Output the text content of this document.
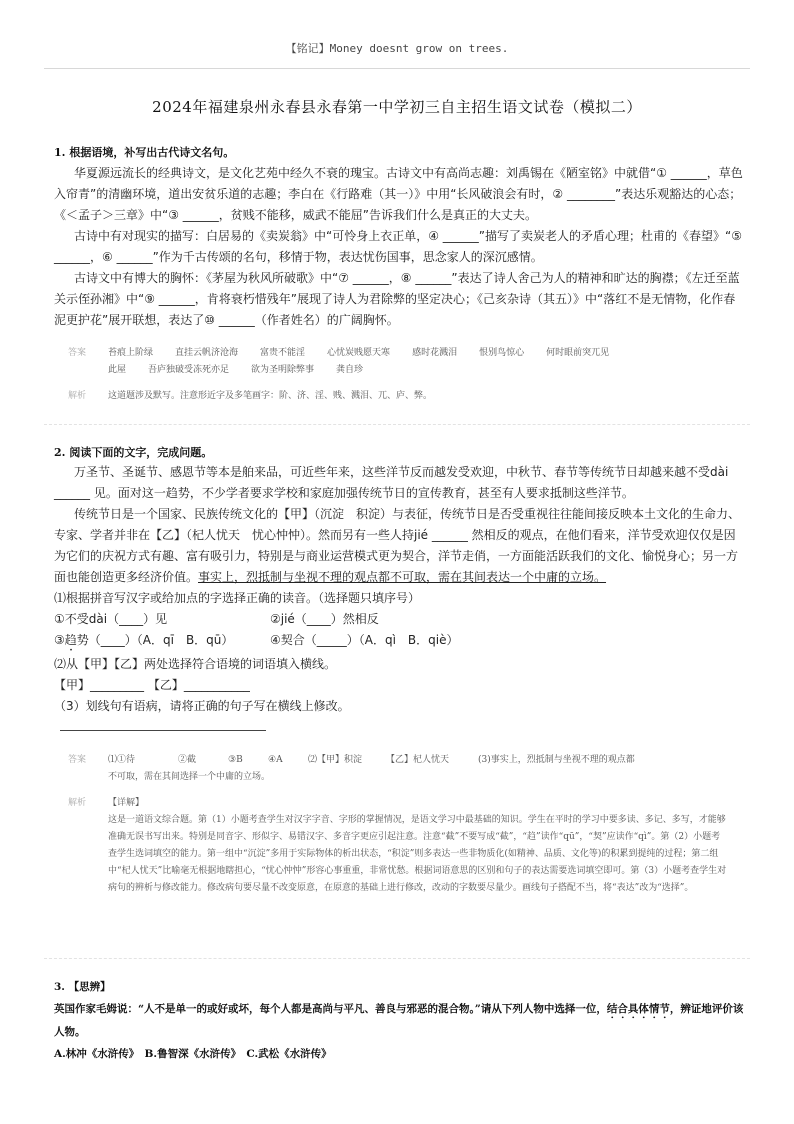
【铭记】Money doesnt grow on trees.
2024年福建泉州永春县永春第一中学初三自主招生语文试卷（模拟二）
1. 根据语境，补写出古代诗文名句。

华夏源远流长的经典诗文，是文化艺苑中经久不衰的瑰宝。古诗文中有高尚志趣：刘禹锡在《陋室铭》中就借“① ______，草色入帘青”的清幽环境，道出安贫乐道的志趣；李白在《行路难（其一）》中用“长风破浪会有时，② ________”表达乐观豁达的心态；《＜孟子＞三章》中“③ ______，贫贱不能移，威武不能屈”告诉我们什么是真正的大丈夫。

古诗中有对现实的描写：白居易的《卖炭翁》中“可怜身上衣正单，④ ______”描写了卖炭老人的矛盾心理；杜甫的《春望》“⑤ ______，⑥ ______”作为千古传颂的名句，移情于物，表达忧伤国事，思念家人的深沉感情。

古诗文中有博大的胸怀：《茅屋为秋风所破歌》中“⑦ ______，⑧ ______”表达了诗人舍己为人的精神和旷达的胸襟；《左迁至蓝关示侄孙湘》中“⑨ ______，肯将衰朽惜残年”展现了诗人为君除弊的坚定决心；《己亥杂诗（其五）》中“落红不是无情物，化作春泥更护花”展开联想，表达了⑩ ______（作者姓名）的广阔胸怀。

答案 苔痕上阶绿 直挂云帆济沧海 富贵不能淫 心忧炭贱愿天寒 感时花溅泪 恨别鸟惊心 何时眼前突兀见
此屋 吾庐独破受冻死亦足 欲为圣明除弊事 龚自珍
解析 这道题涉及默写。注意形近字及多笔画字：阶、济、淫、贱、溅泪、兀、庐、弊。
2. 阅读下面的文字，完成问题。

万圣节、圣诞节、感恩节等本是舶来品，可近些年来，这些洋节反而越发受欢迎，中秋节、春节等传统节日却越来越不受dài ______ 见。面对这一趋势，不少学者要求学校和家庭加强传统节日的宣传教育，甚至有人要求抵制这些洋节。

传统节日是一个国家、民族传统文化的【甲】（沉淀　积淀）与表征，传统节日是否受重视往往能间接反映本土文化的生命力、专家、学者并非在【乙】（杞人忧天　忧心忡忡）。然而另有一些人持jié ______ 然相反的观点，在他们看来，洋节受欢迎仅仅是因为它们的庆祝方式有趣、富有吸引力，特别是与商业运营模式更为契合，洋节走俏，一方面能活跃我们的文化、愉悦身心；另一方面也能创造更多经济价值。事实上，烈抵制与坐视不理的观点都不可取，需在其间表达一个中庸的立场。

⑴根据拼音写汉字或给加点的字选择正确的读音。（选择题只填序号）

①不受dài（____）见	②jié（____）然相反

③趋势（____）（A．qī　B．qū）	④契合（_____）（A．qì　B．qiè）

⑵从【甲】【乙】两处选择符合语境的词语填入横线。

【甲】_________ 【乙】___________

（3）划线句有语病，请将正确的句子写在横线上修改。

答案 ⑴①待	②截	③B	④A	⑵【甲】积淀	【乙】杞人忧天	(3)事实上，烈抵制与坐视不理的观点都
不可取，需在其间选择一个中庸的立场。
解析 【详解】
这是一道语文综合题。第（1）小题考查学生对汉字字音、字形的掌握情况，是语文学习中最基础的知识。学生在平时的学习中要多读、多记、多写，才能够准确无误书写出来。特别是同音字、形似字、易错汉字、多音字更应引起注意。注意“截”不要写成“截”，“趋”读作“qū”，“契”应读作“qì”。第（2）小题考查学生选词填空的能力。第一组中“沉淀”多用于实际物体的析出状态，“积淀”则多表达一些非物质化(如精神、品质、文化等)的积累到提纯的过程；第二组中“杞人忧天”比喻毫无根据地瞎担心，“忧心忡忡”形容心事重重，非常忧愁。根据词语意思的区别和句子的表达需要选词填空即可。第（3）小题考查学生对病句的辨析与修改能力。修改病句要尽量不改变原意，在原意的基础上进行修改，改动的字数要尽量少。画线句子搭配不当，将“表达”改为“选择”。

3. 【思辨】

英国作家毛姆说：“人不是单一的或好或坏，每个人都是高尚与平凡、善良与邪恶的混合物。”请从下列人物中选择一位，结合具体情节，辨证地评价该人物。

A.林冲《水浒传》　B.鲁智深《水浒传》　C.武松《水浒传》
